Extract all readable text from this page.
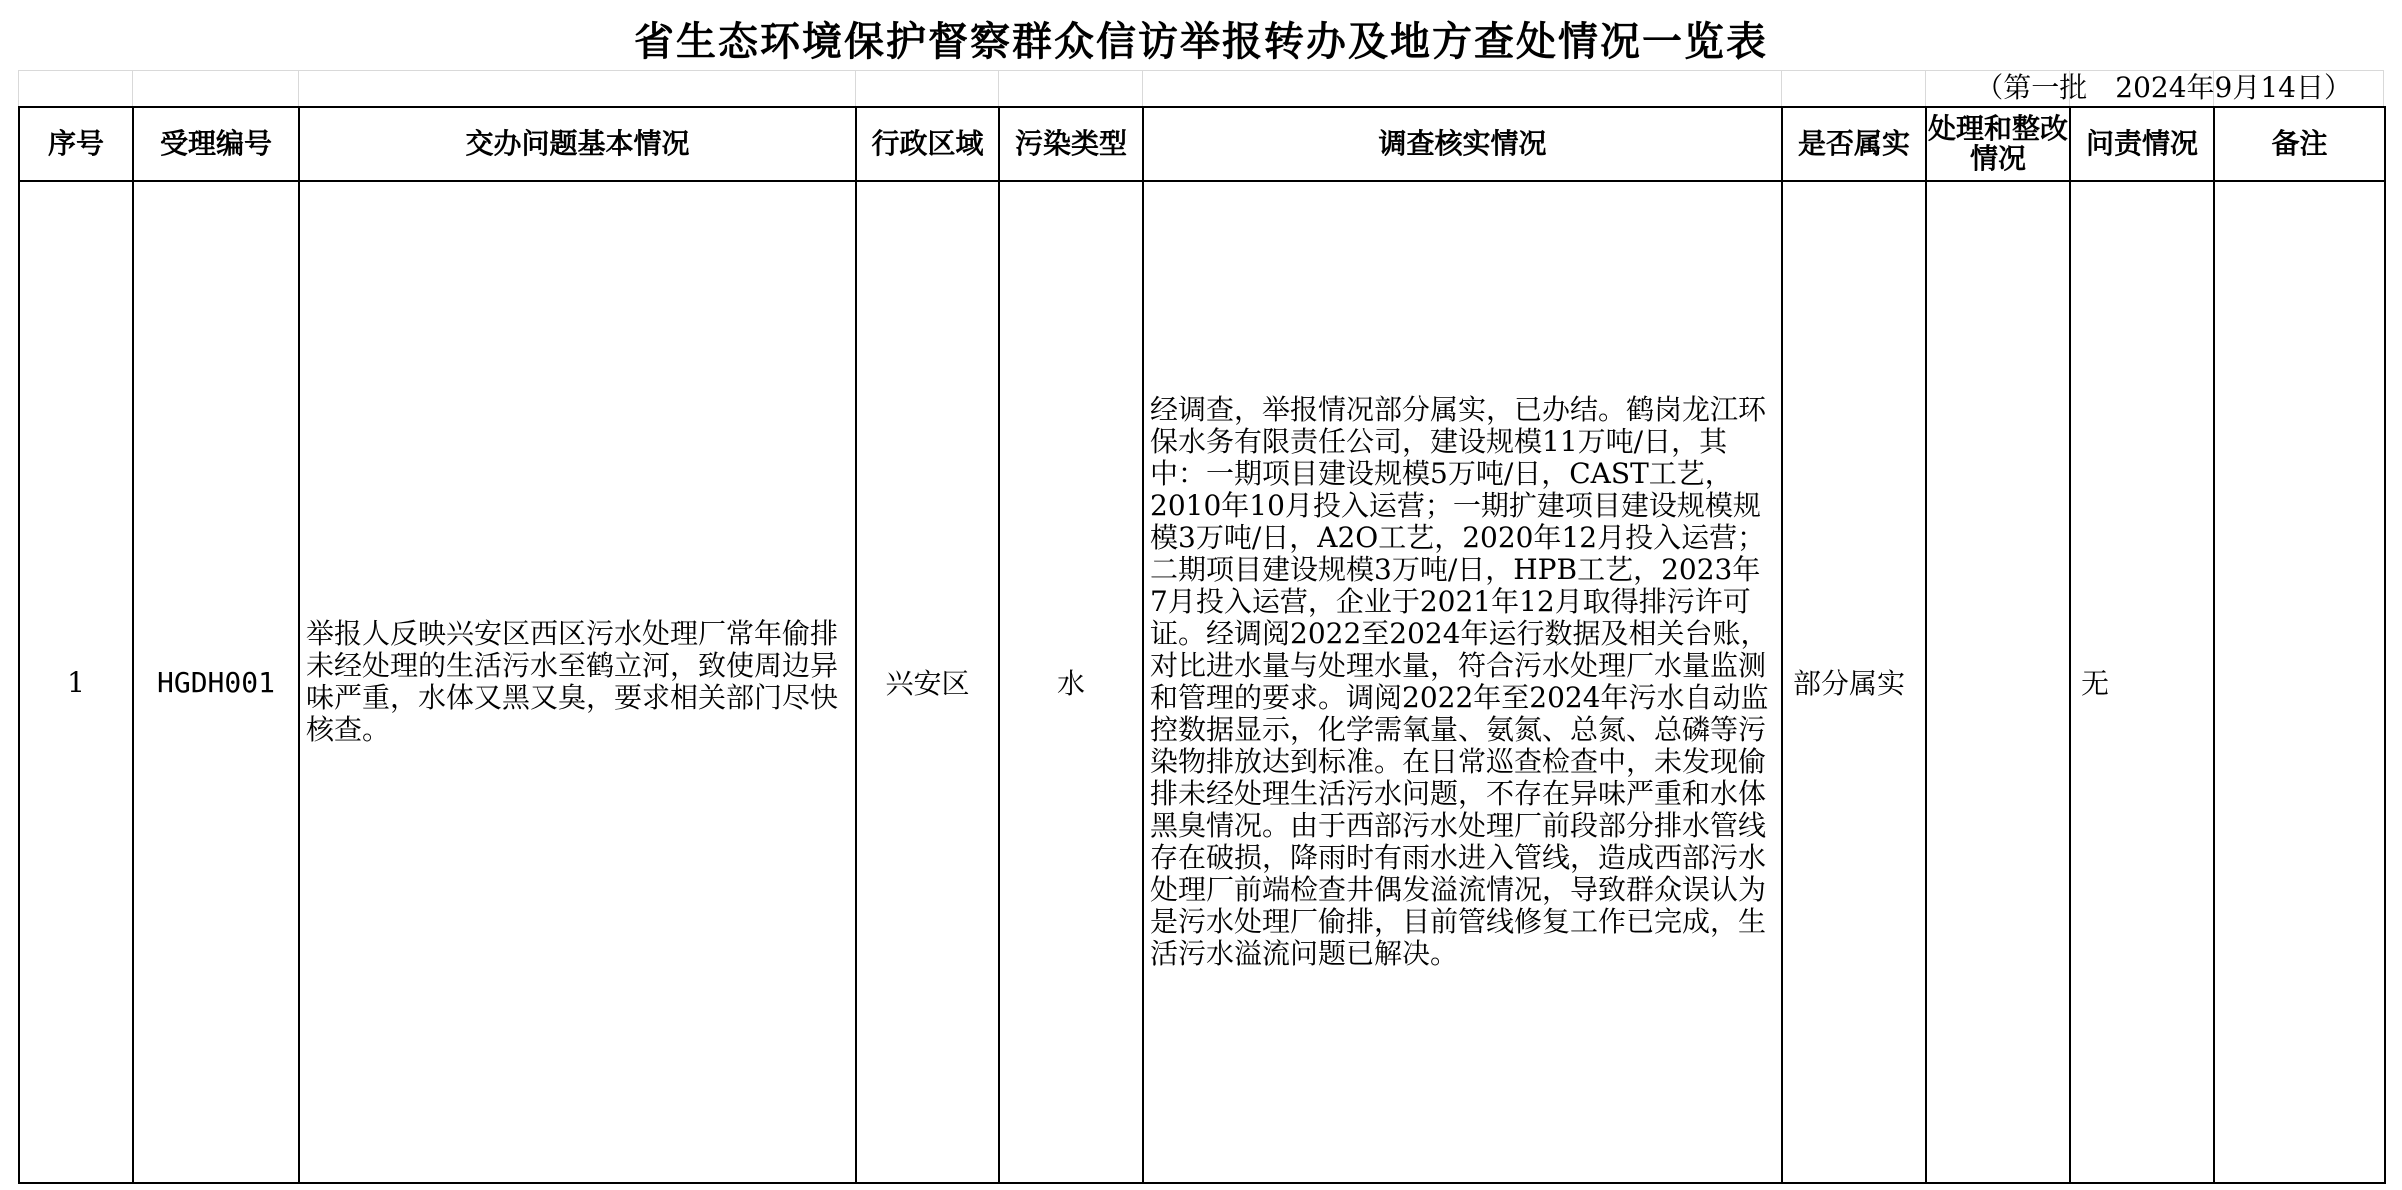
省生态环境保护督察群众信访举报转办及地方查处情况一览表
（第一批　2024年9月14日）
序号	受理编号	交办问题基本情况	行政区域	污染类型	调查核实情况	是否属实	处理和整改情况	问责情况	备注
1	HGDH001	举报人反映兴安区西区污水处理厂常年偷排未经处理的生活污水至鹤立河，致使周边异味严重，水体又黑又臭，要求相关部门尽快核查。	兴安区	水	经调查，举报情况部分属实，已办结。鹤岗龙江环保水务有限责任公司，建设规模11万吨/日，其中：一期项目建设规模5万吨/日，CAST工艺，2010年10月投入运营；一期扩建项目建设规模规模3万吨/日，A2O工艺，2020年12月投入运营；二期项目建设规模3万吨/日，HPB工艺，2023年7月投入运营，企业于2021年12月取得排污许可证。经调阅2022至2024年运行数据及相关台账，对比进水量与处理水量，符合污水处理厂水量监测和管理的要求。调阅2022年至2024年污水自动监控数据显示，化学需氧量、氨氮、总氮、总磷等污染物排放达到标准。在日常巡查检查中，未发现偷排未经处理生活污水问题，不存在异味严重和水体黑臭情况。由于西部污水处理厂前段部分排水管线存在破损，降雨时有雨水进入管线，造成西部污水处理厂前端检查井偶发溢流情况，导致群众误认为是污水处理厂偷排，目前管线修复工作已完成，生活污水溢流问题已解决。	部分属实		无	
